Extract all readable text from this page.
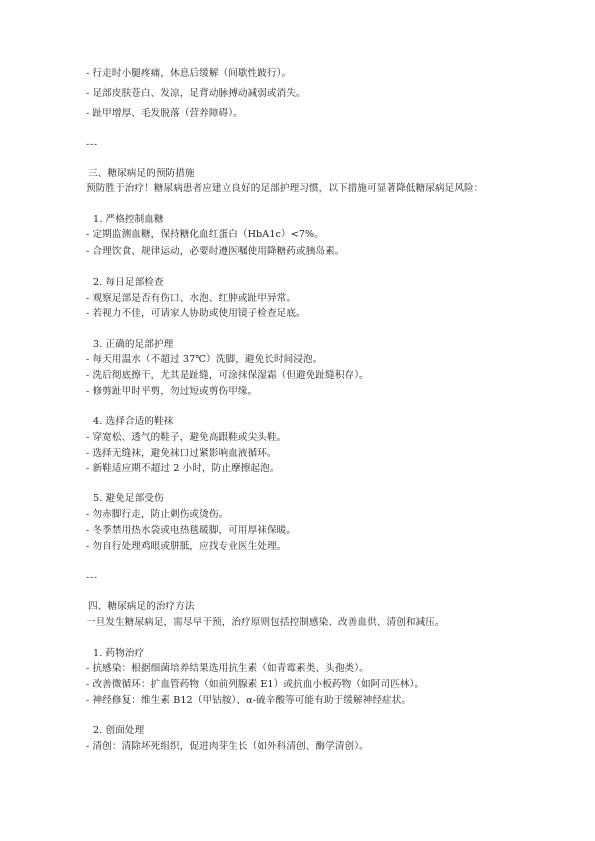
- 行走时小腿疼痛，休息后缓解（间歇性跛行）。
- 足部皮肤苍白、发凉，足背动脉搏动减弱或消失。
- 趾甲增厚、毛发脱落（营养障碍）。
---
三、糖尿病足的预防措施
预防胜于治疗！糖尿病患者应建立良好的足部护理习惯，以下措施可显著降低糖尿病足风险：
1. 严格控制血糖
- 定期监测血糖，保持糖化血红蛋白（HbA1c）<7%。
- 合理饮食、规律运动，必要时遵医嘱使用降糖药或胰岛素。
2. 每日足部检查
- 观察足部是否有伤口、水泡、红肿或趾甲异常。
- 若视力不佳，可请家人协助或使用镜子检查足底。
3. 正确的足部护理
- 每天用温水（不超过 37℃）洗脚，避免长时间浸泡。
- 洗后彻底擦干，尤其是趾缝，可涂抹保湿霜（但避免趾缝积存）。
- 修剪趾甲时平剪，勿过短或剪伤甲缘。
4. 选择合适的鞋袜
- 穿宽松、透气的鞋子，避免高跟鞋或尖头鞋。
- 选择无缝袜，避免袜口过紧影响血液循环。
- 新鞋适应期不超过 2 小时，防止摩擦起泡。
5. 避免足部受伤
- 勿赤脚行走，防止刺伤或烫伤。
- 冬季禁用热水袋或电热毯暖脚，可用厚袜保暖。
- 勿自行处理鸡眼或胼胝，应找专业医生处理。
---
四、糖尿病足的治疗方法
一旦发生糖尿病足，需尽早干预，治疗原则包括控制感染、改善血供、清创和减压。
1. 药物治疗
- 抗感染：根据细菌培养结果选用抗生素（如青霉素类、头孢类）。
- 改善微循环：扩血管药物（如前列腺素 E1）或抗血小板药物（如阿司匹林）。
- 神经修复：维生素 B12（甲钴胺）、α-硫辛酸等可能有助于缓解神经症状。
2. 创面处理
- 清创：清除坏死组织，促进肉芽生长（如外科清创、酶学清创）。
